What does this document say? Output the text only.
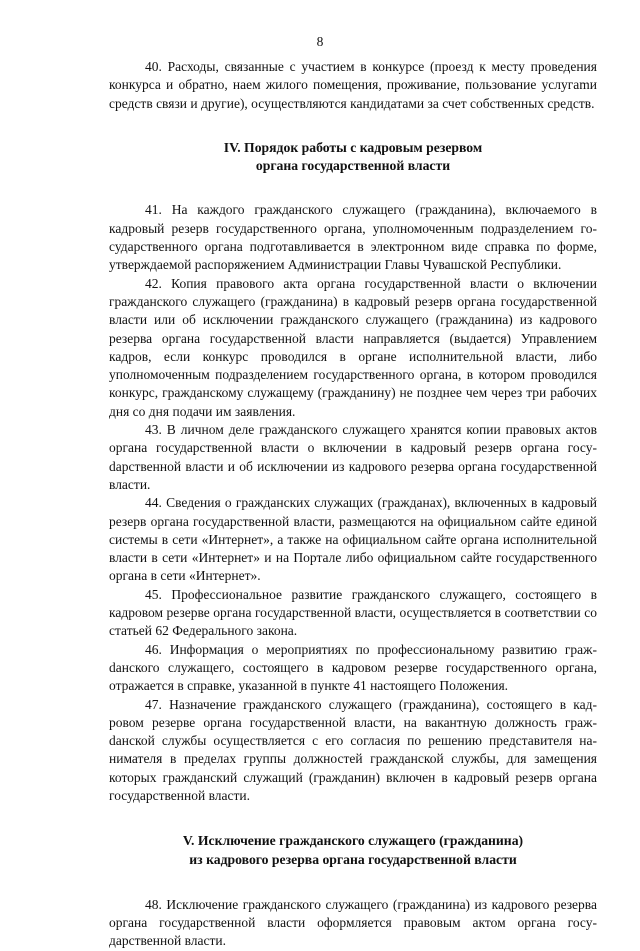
8

40. Расходы, связанные с участием в конкурсе (проезд к месту проведения конкурса и обратно, наем жилого помещения, проживание, пользование услугаmи средств связи и другие), осуществляются кандидатами за счет собственных средств.

IV. Порядок работы с кадровым резервом
органа государственной власти

41. На каждого гражданского служащего (гражданина), включаемого в кадровый резерв государственного органа, уполномоченным подразделением государственного органа подготавливается в электронном виде справка по форме, утверждаемой распоряжением Администрации Главы Чувашской Республики.

42. Копия правового акта органа государственной власти о включении гражданского служащего (гражданина) в кадровый резерв органа государственной власти или об исключении гражданского служащего (гражданина) из кадрового резерва органа государственной власти направляется (выдается) Управлением кадров, если конкурс проводился в органе исполнительной власти, либо уполномоченным подразделением государственного органа, в котором проводился конкурс, гражданскому служащему (гражданину) не позднее чем через три рабочих дня со дня подачи им заявления.

43. В личном деле гражданского служащего хранятся копии правовых актов органа государственной власти о включении в кадровый резерв органа госуdарственной власти и об исключении из кадрового резерва органа государственной власти.

44. Сведения о гражданских служащих (гражданах), включенных в кадровый резерв органа государственной власти, размещаются на официальном сайте единой системы в сети «Интернет», а также на официальном сайте органа исполнительной власти в сети «Интернет» и на Портале либо официальном сайте государственного органа в сети «Интернет».

45. Профессиональное развитие гражданского служащего, состоящего в кадровом резерве органа государственной власти, осуществляется в соответствии со статьей 62 Федерального закона.

46. Информация о мероприятиях по профессиональному развитию гражdанского служащего, состоящего в кадровом резерве государственного органа, отражается в справке, указанной в пункте 41 настоящего Положения.

47. Назначение гражданского служащего (гражданина), состоящего в кадровом резерве органа государственной власти, на вакантную должность гражdанской службы осуществляется с его согласия по решению представителя нанимателя в пределах группы должностей гражданской службы, для замещения которых гражданский служащий (гражданин) включен в кадровый резерв органа государственной власти.

V. Исключение гражданского служащего (гражданина)
из кадрового резерва органа государственной власти

48. Исключение гражданского служащего (гражданина) из кадрового резерва органа государственной власти оформляется правовым актом органа государственной власти.
